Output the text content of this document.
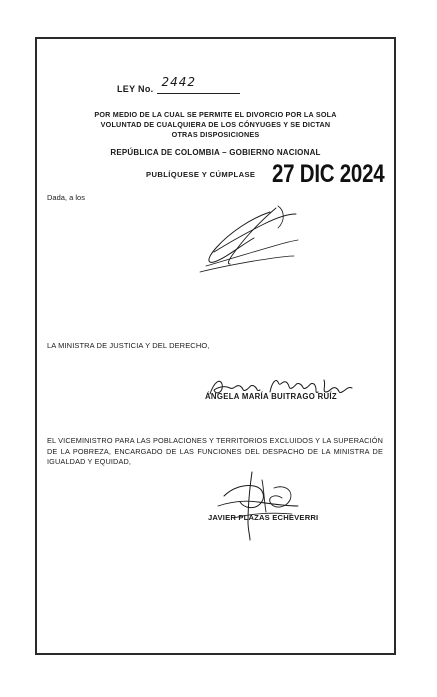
LEY No. 2442
POR MEDIO DE LA CUAL SE PERMITE EL DIVORCIO POR LA SOLA
VOLUNTAD DE CUALQUIERA DE LOS CÓNYUGES Y SE DICTAN
OTRAS DISPOSICIONES
REPÚBLICA DE COLOMBIA – GOBIERNO NACIONAL
PUBLÍQUESE Y CÚMPLASE 27 DIC 2024
Dada, a los
LA MINISTRA DE JUSTICIA Y DEL DERECHO,
ÁNGELA MARÍA BUITRAGO RUÍZ
EL VICEMINISTRO PARA LAS POBLACIONES Y TERRITORIOS EXCLUIDOS Y LA SUPERACIÓN DE LA POBREZA, ENCARGADO DE LAS FUNCIONES DEL DESPACHO DE LA MINISTRA DE IGUALDAD Y EQUIDAD,
JAVIER PLAZAS ECHEVERRI
